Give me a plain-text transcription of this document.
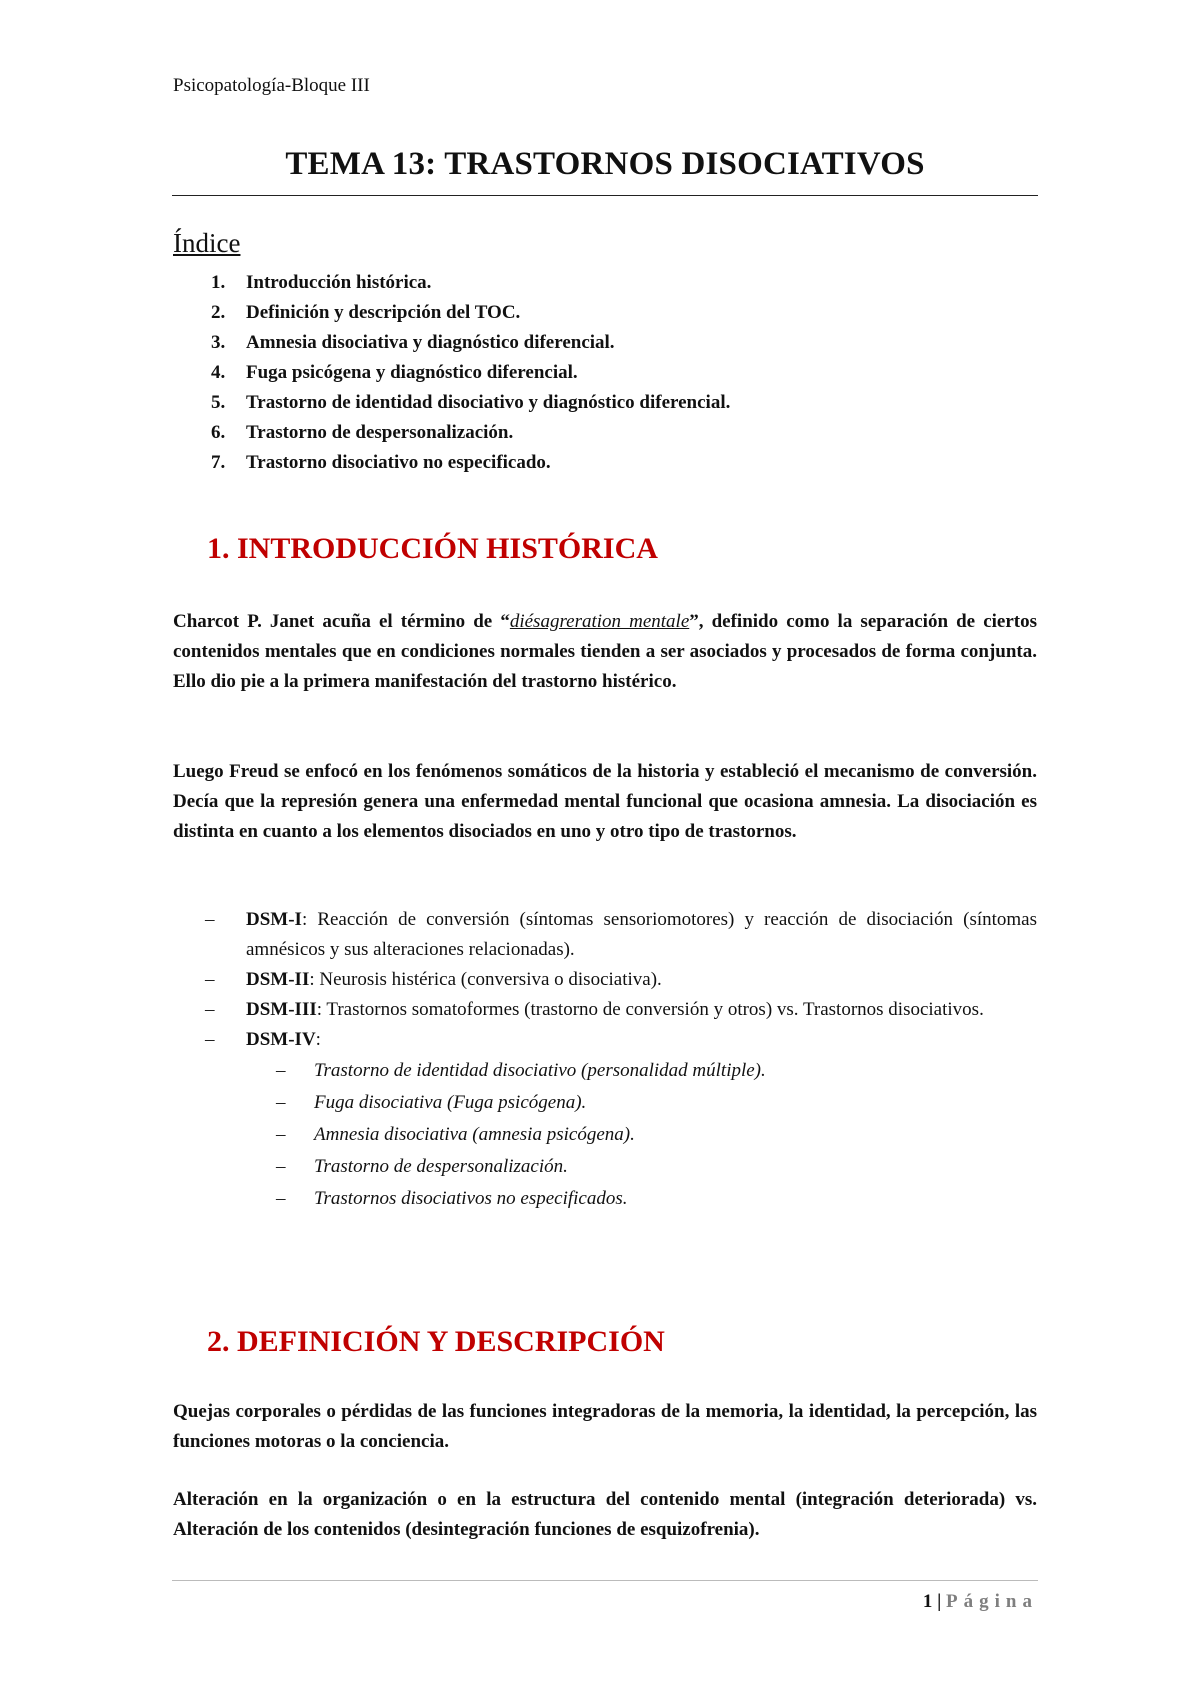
Psicopatología-Bloque III
TEMA 13: TRASTORNOS DISOCIATIVOS
Índice
1. Introducción histórica.
2. Definición y descripción del TOC.
3. Amnesia disociativa y diagnóstico diferencial.
4. Fuga psicógena y diagnóstico diferencial.
5. Trastorno de identidad disociativo y diagnóstico diferencial.
6. Trastorno de despersonalización.
7. Trastorno disociativo no especificado.
1. INTRODUCCIÓN HISTÓRICA
Charcot P. Janet acuña el término de “diésagreration mentale”, definido como la separación de ciertos contenidos mentales que en condiciones normales tienden a ser asociados y procesados de forma conjunta. Ello dio pie a la primera manifestación del trastorno histérico.
Luego Freud se enfocó en los fenómenos somáticos de la historia y estableció el mecanismo de conversión. Decía que la represión genera una enfermedad mental funcional que ocasiona amnesia. La disociación es distinta en cuanto a los elementos disociados en uno y otro tipo de trastornos.
– DSM-I: Reacción de conversión (síntomas sensoriomotores) y reacción de disociación (síntomas amnésicos y sus alteraciones relacionadas).
– DSM-II: Neurosis histérica (conversiva o disociativa).
– DSM-III: Trastornos somatoformes (trastorno de conversión y otros) vs. Trastornos disociativos.
– DSM-IV:
– Trastorno de identidad disociativo (personalidad múltiple).
– Fuga disociativa (Fuga psicógena).
– Amnesia disociativa (amnesia psicógena).
– Trastorno de despersonalización.
– Trastornos disociativos no especificados.
2. DEFINICIÓN Y DESCRIPCIÓN
Quejas corporales o pérdidas de las funciones integradoras de la memoria, la identidad, la percepción, las funciones motoras o la conciencia.
Alteración en la organización o en la estructura del contenido mental (integración deteriorada) vs. Alteración de los contenidos (desintegración funciones de esquizofrenia).
1 | Página
